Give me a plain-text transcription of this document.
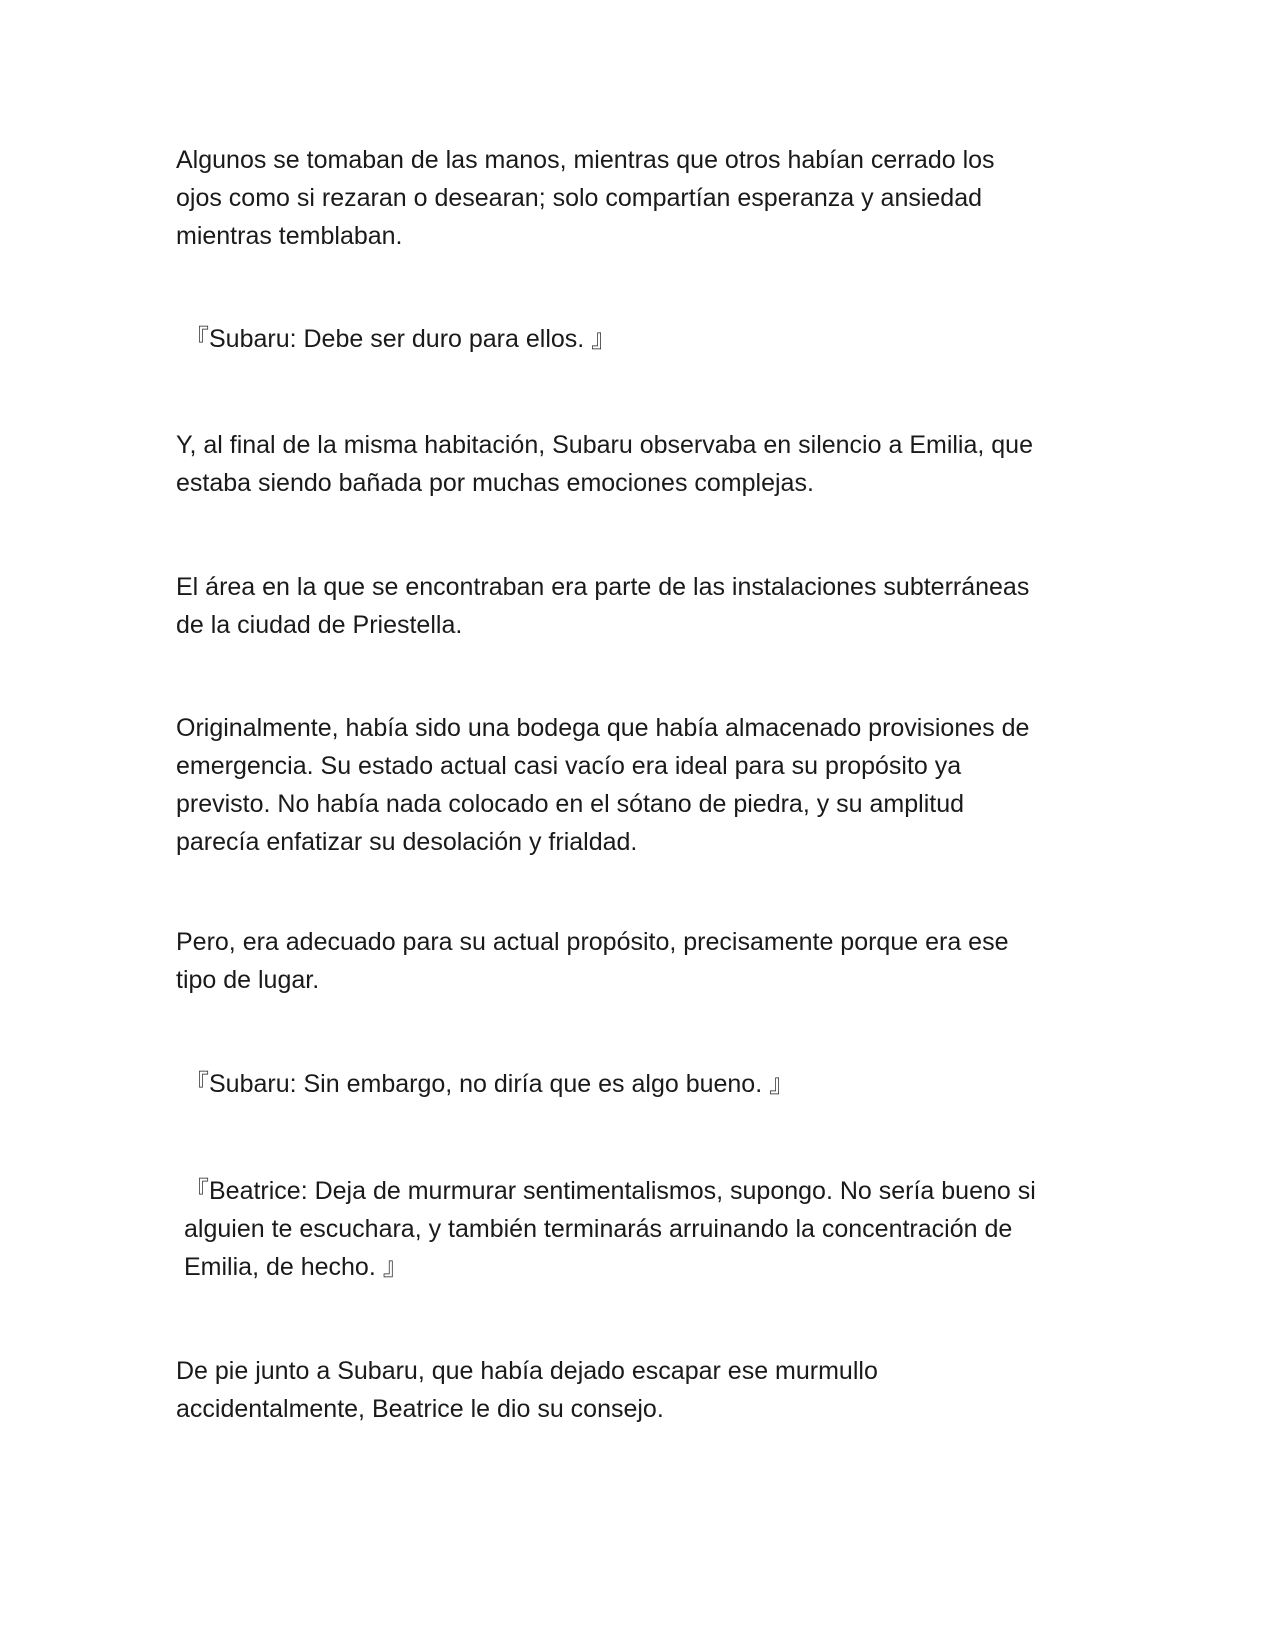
Algunos se tomaban de las manos, mientras que otros habían cerrado los
ojos como si rezaran o desearan; solo compartían esperanza y ansiedad
mientras temblaban.

『Subaru: Debe ser duro para ellos. 』

Y, al final de la misma habitación, Subaru observaba en silencio a Emilia, que
estaba siendo bañada por muchas emociones complejas.

El área en la que se encontraban era parte de las instalaciones subterráneas
de la ciudad de Priestella.

Originalmente, había sido una bodega que había almacenado provisiones de
emergencia. Su estado actual casi vacío era ideal para su propósito ya
previsto. No había nada colocado en el sótano de piedra, y su amplitud
parecía enfatizar su desolación y frialdad.

Pero, era adecuado para su actual propósito, precisamente porque era ese
tipo de lugar.

『Subaru: Sin embargo, no diría que es algo bueno. 』

『Beatrice: Deja de murmurar sentimentalismos, supongo. No sería bueno si
alguien te escuchara, y también terminarás arruinando la concentración de
Emilia, de hecho. 』

De pie junto a Subaru, que había dejado escapar ese murmullo
accidentalmente, Beatrice le dio su consejo.
